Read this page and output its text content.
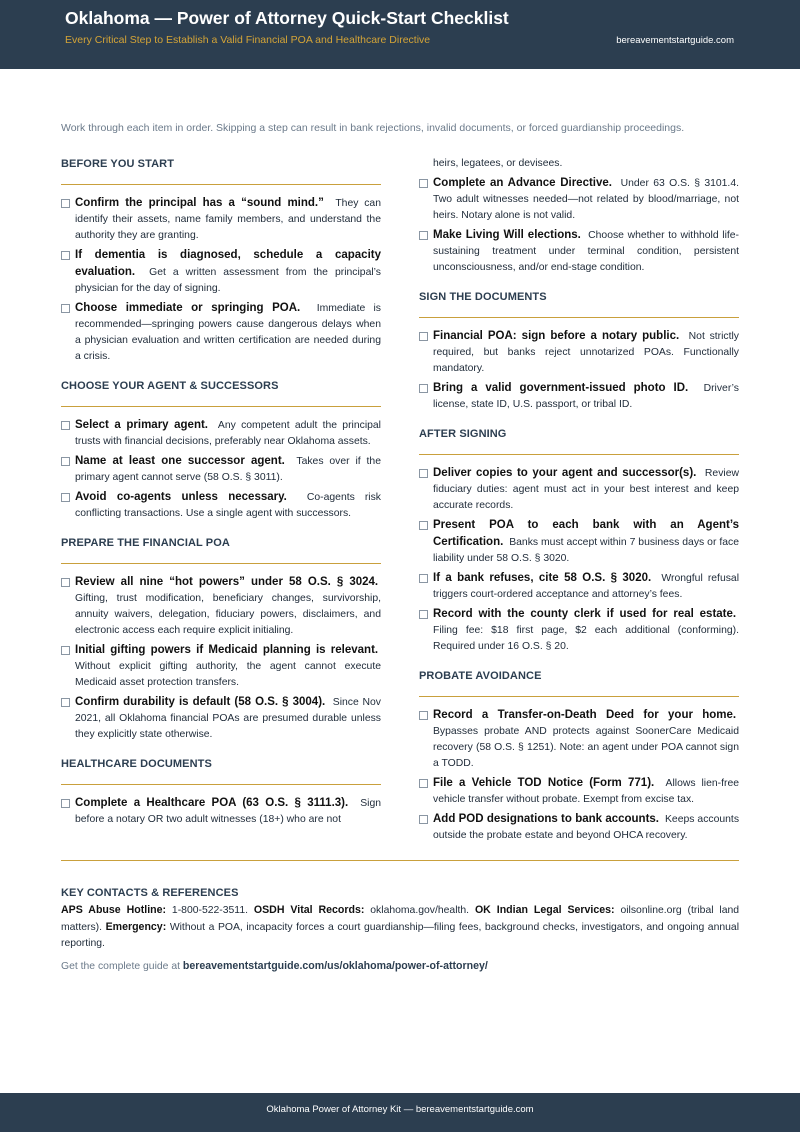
Oklahoma — Power of Attorney Quick-Start Checklist
Every Critical Step to Establish a Valid Financial POA and Healthcare Directive	bereavementstartguide.com
Work through each item in order. Skipping a step can result in bank rejections, invalid documents, or forced guardianship proceedings.
BEFORE YOU START
Confirm the principal has a “sound mind.” They can identify their assets, name family members, and understand the authority they are granting.
If dementia is diagnosed, schedule a capacity evaluation. Get a written assessment from the principal’s physician for the day of signing.
Choose immediate or springing POA. Immediate is recommended—springing powers cause dangerous delays when a physician evaluation and written certification are needed during a crisis.
CHOOSE YOUR AGENT & SUCCESSORS
Select a primary agent. Any competent adult the principal trusts with financial decisions, preferably near Oklahoma assets.
Name at least one successor agent. Takes over if the primary agent cannot serve (58 O.S. § 3011).
Avoid co-agents unless necessary. Co-agents risk conflicting transactions. Use a single agent with successors.
PREPARE THE FINANCIAL POA
Review all nine “hot powers” under 58 O.S. § 3024.  Gifting, trust modification, beneficiary changes, survivorship, annuity waivers, delegation, fiduciary powers, disclaimers, and electronic access each require explicit initialing.
Initial gifting powers if Medicaid planning is relevant.  Without explicit gifting authority, the agent cannot execute Medicaid asset protection transfers.
Confirm durability is default (58 O.S. § 3004). Since Nov 2021, all Oklahoma financial POAs are presumed durable unless they explicitly state otherwise.
HEALTHCARE DOCUMENTS
Complete a Healthcare POA (63 O.S. § 3111.3). Sign before a notary OR two adult witnesses (18+) who are not
heirs, legatees, or devisees.
Complete an Advance Directive. Under 63 O.S. § 3101.4. Two adult witnesses needed—not related by blood/marriage, not heirs. Notary alone is not valid.
Make Living Will elections. Choose whether to withhold life-sustaining treatment under terminal condition, persistent unconsciousness, and/or end-stage condition.
SIGN THE DOCUMENTS
Financial POA: sign before a notary public. Not strictly required, but banks reject unnotarized POAs. Functionally mandatory.
Bring a valid government-issued photo ID. Driver’s license, state ID, U.S. passport, or tribal ID.
AFTER SIGNING
Deliver copies to your agent and successor(s). Review fiduciary duties: agent must act in your best interest and keep accurate records.
Present POA to each bank with an Agent’s Certification. Banks must accept within 7 business days or face liability under 58 O.S. § 3020.
If a bank refuses, cite 58 O.S. § 3020. Wrongful refusal triggers court-ordered acceptance and attorney’s fees.
Record with the county clerk if used for real estate.  Filing fee: $18 first page, $2 each additional (conforming). Required under 16 O.S. § 20.
PROBATE AVOIDANCE
Record a Transfer-on-Death Deed for your home.  Bypasses probate AND protects against SoonerCare Medicaid recovery (58 O.S. § 1251). Note: an agent under POA cannot sign a TODD.
File a Vehicle TOD Notice (Form 771). Allows lien-free vehicle transfer without probate. Exempt from excise tax.
Add POD designations to bank accounts. Keeps accounts outside the probate estate and beyond OHCA recovery.
KEY CONTACTS & REFERENCES
APS Abuse Hotline: 1-800-522-3511. OSDH Vital Records: oklahoma.gov/health. OK Indian Legal Services: oilsonline.org (tribal land matters). Emergency: Without a POA, incapacity forces a court guardianship—filing fees, background checks, investigators, and ongoing annual reporting.
Get the complete guide at bereavementstartguide.com/us/oklahoma/power-of-attorney/
Oklahoma Power of Attorney Kit — bereavementstartguide.com
